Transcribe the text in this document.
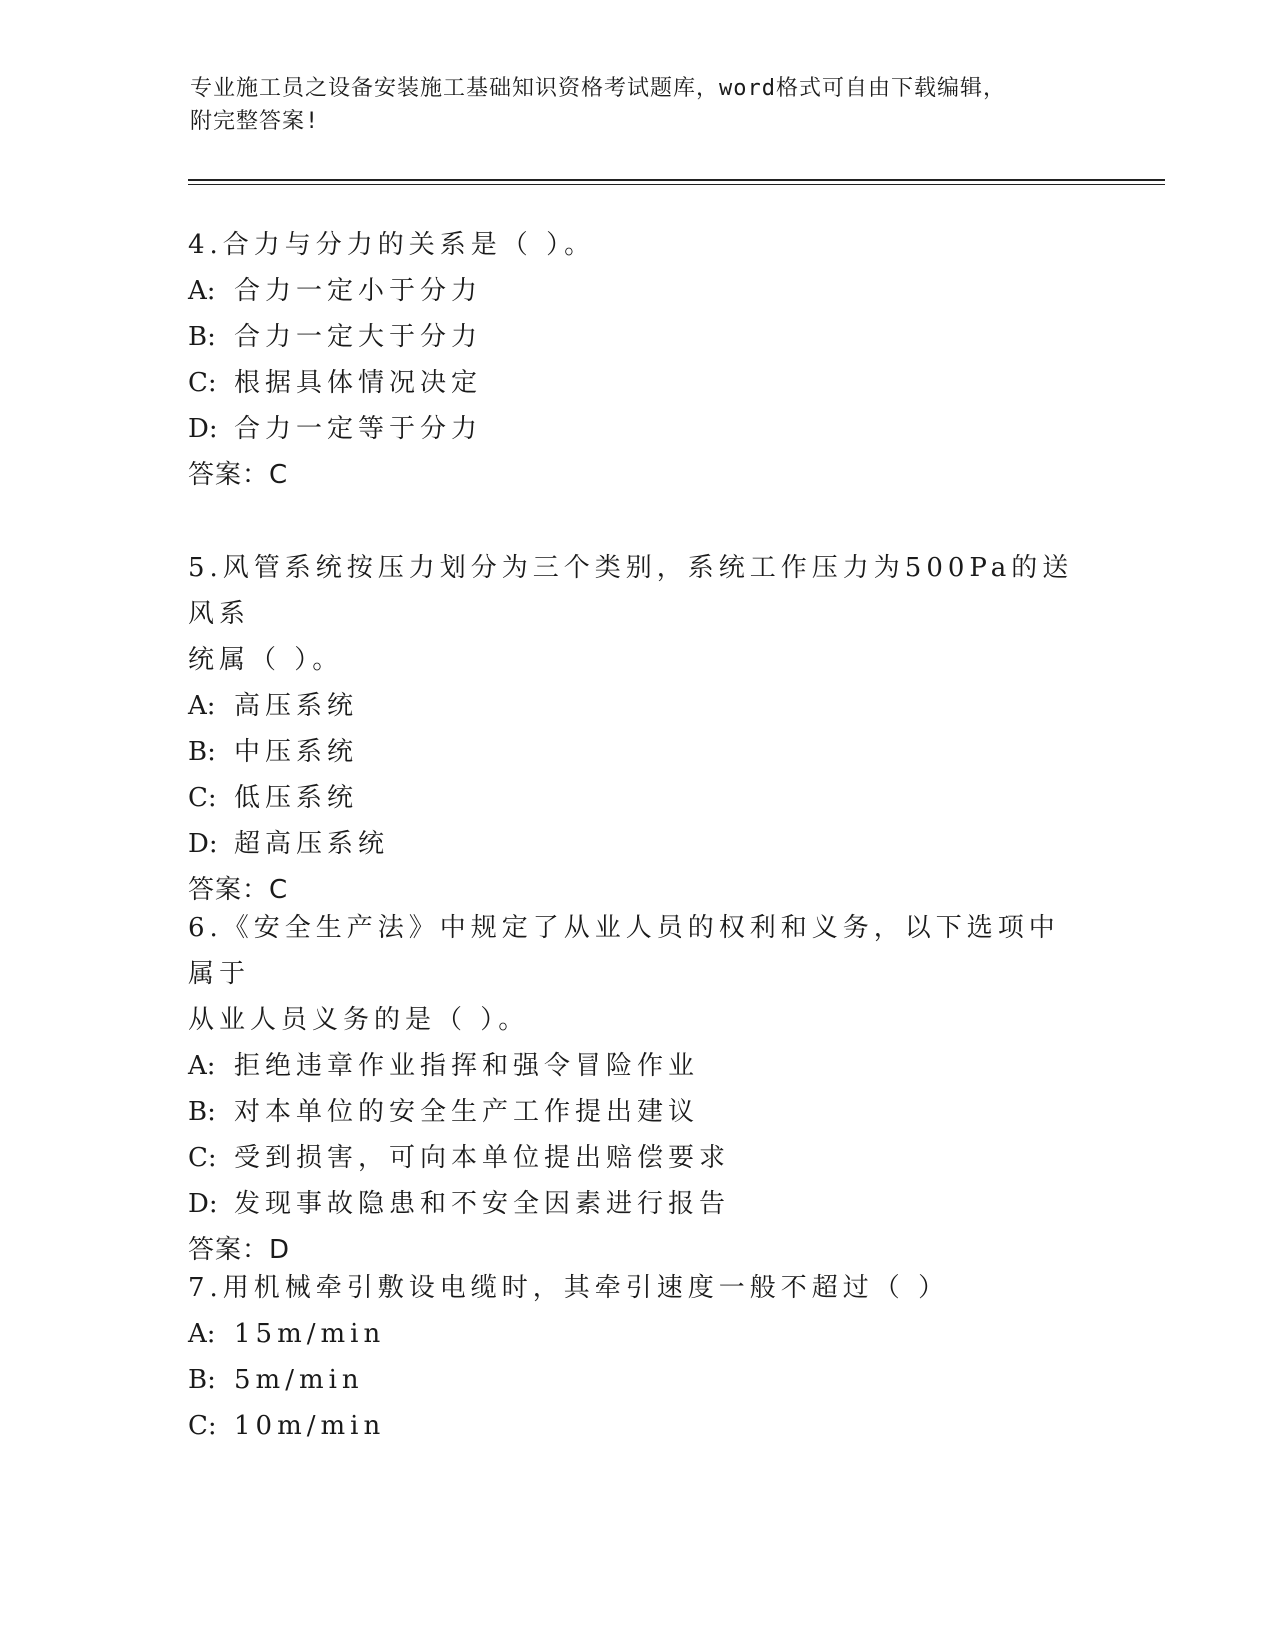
专业施工员之设备安装施工基础知识资格考试题库，word格式可自由下载编辑，
附完整答案!
4.合力与分力的关系是（ ）。
A: 合力一定小于分力
B: 合力一定大于分力
C: 根据具体情况决定
D: 合力一定等于分力
答案：C
5.风管系统按压力划分为三个类别，系统工作压力为500Pa的送风系
统属（ ）。
A: 高压系统
B: 中压系统
C: 低压系统
D: 超高压系统
答案：C
6.《安全生产法》中规定了从业人员的权利和义务，以下选项中属于
从业人员义务的是（ ）。
A: 拒绝违章作业指挥和强令冒险作业
B: 对本单位的安全生产工作提出建议
C: 受到损害，可向本单位提出赔偿要求
D: 发现事故隐患和不安全因素进行报告
答案：D
7.用机械牵引敷设电缆时，其牵引速度一般不超过（ ）
A: 15m/min
B: 5m/min
C: 10m/min
